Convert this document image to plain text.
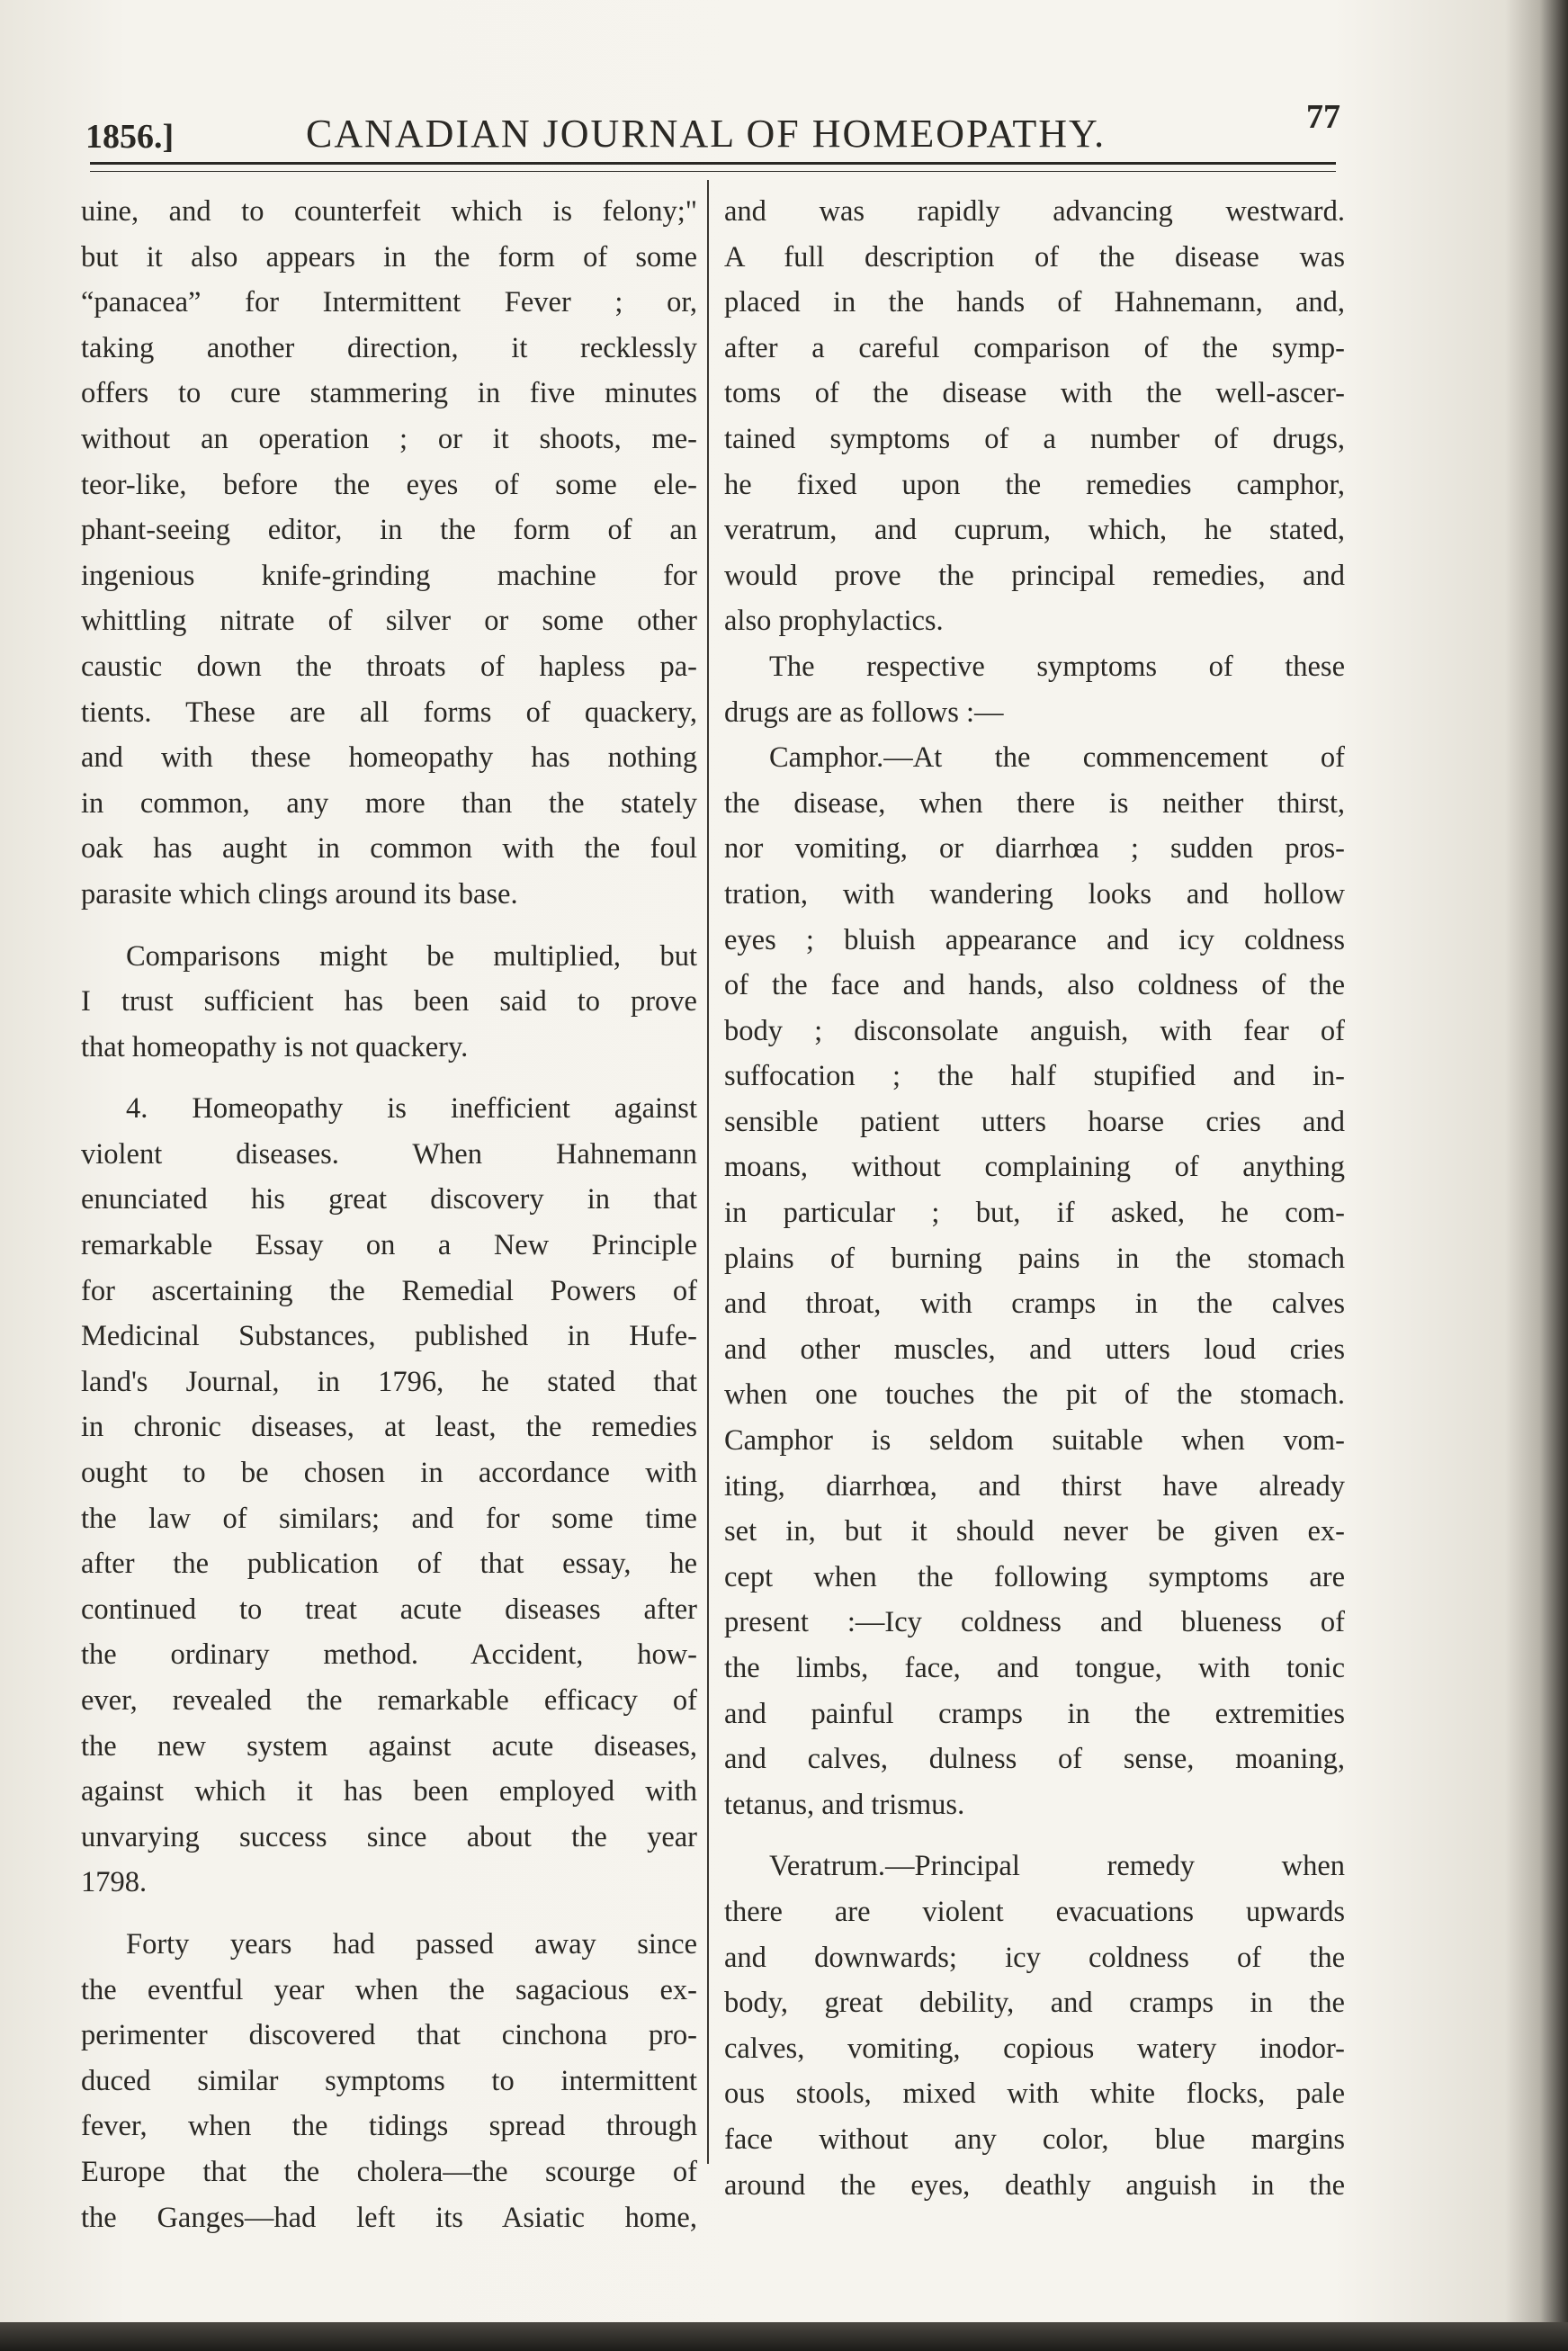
1856.]	CANADIAN JOURNAL OF HOMEOPATHY.	77

uine, and to counterfeit which is felony;"
but it also appears in the form of some
“panacea” for Intermittent Fever ; or,
taking another direction, it recklessly
offers to cure stammering in five minutes
without an operation ; or it shoots, me-
teor-like, before the eyes of some ele-
phant-seeing editor, in the form of an
ingenious knife-grinding machine for
whittling nitrate of silver or some other
caustic down the throats of hapless pa-
tients. These are all forms of quackery,
and with these homeopathy has nothing
in common, any more than the stately
oak has aught in common with the foul
parasite which clings around its base.
Comparisons might be multiplied, but
I trust sufficient has been said to prove
that homeopathy is not quackery.
4. Homeopathy is inefficient against
violent diseases. When Hahnemann
enunciated his great discovery in that
remarkable Essay on a New Principle
for ascertaining the Remedial Powers of
Medicinal Substances, published in Hufe-
land's Journal, in 1796, he stated that
in chronic diseases, at least, the remedies
ought to be chosen in accordance with
the law of similars; and for some time
after the publication of that essay, he
continued to treat acute diseases after
the ordinary method. Accident, how-
ever, revealed the remarkable efficacy of
the new system against acute diseases,
against which it has been employed with
unvarying success since about the year
1798.
Forty years had passed away since
the eventful year when the sagacious ex-
perimenter discovered that cinchona pro-
duced similar symptoms to intermittent
fever, when the tidings spread through
Europe that the cholera—the scourge of
the Ganges—had left its Asiatic home,

and was rapidly advancing westward.
A full description of the disease was
placed in the hands of Hahnemann, and,
after a careful comparison of the symp-
toms of the disease with the well-ascer-
tained symptoms of a number of drugs,
he fixed upon the remedies camphor,
veratrum, and cuprum, which, he stated,
would prove the principal remedies, and
also prophylactics.
The respective symptoms of these
drugs are as follows :—
Camphor.—At the commencement of
the disease, when there is neither thirst,
nor vomiting, or diarrhœa ; sudden pros-
tration, with wandering looks and hollow
eyes ; bluish appearance and icy coldness
of the face and hands, also coldness of the
body ; disconsolate anguish, with fear of
suffocation ; the half stupified and in-
sensible patient utters hoarse cries and
moans, without complaining of anything
in particular ; but, if asked, he com-
plains of burning pains in the stomach
and throat, with cramps in the calves
and other muscles, and utters loud cries
when one touches the pit of the stomach.
Camphor is seldom suitable when vom-
iting, diarrhœa, and thirst have already
set in, but it should never be given ex-
cept when the following symptoms are
present :—Icy coldness and blueness of
the limbs, face, and tongue, with tonic
and painful cramps in the extremities
and calves, dulness of sense, moaning,
tetanus, and trismus.
Veratrum.—Principal remedy when
there are violent evacuations upwards
and downwards; icy coldness of the
body, great debility, and cramps in the
calves, vomiting, copious watery inodor-
ous stools, mixed with white flocks, pale
face without any color, blue margins
around the eyes, deathly anguish in the
